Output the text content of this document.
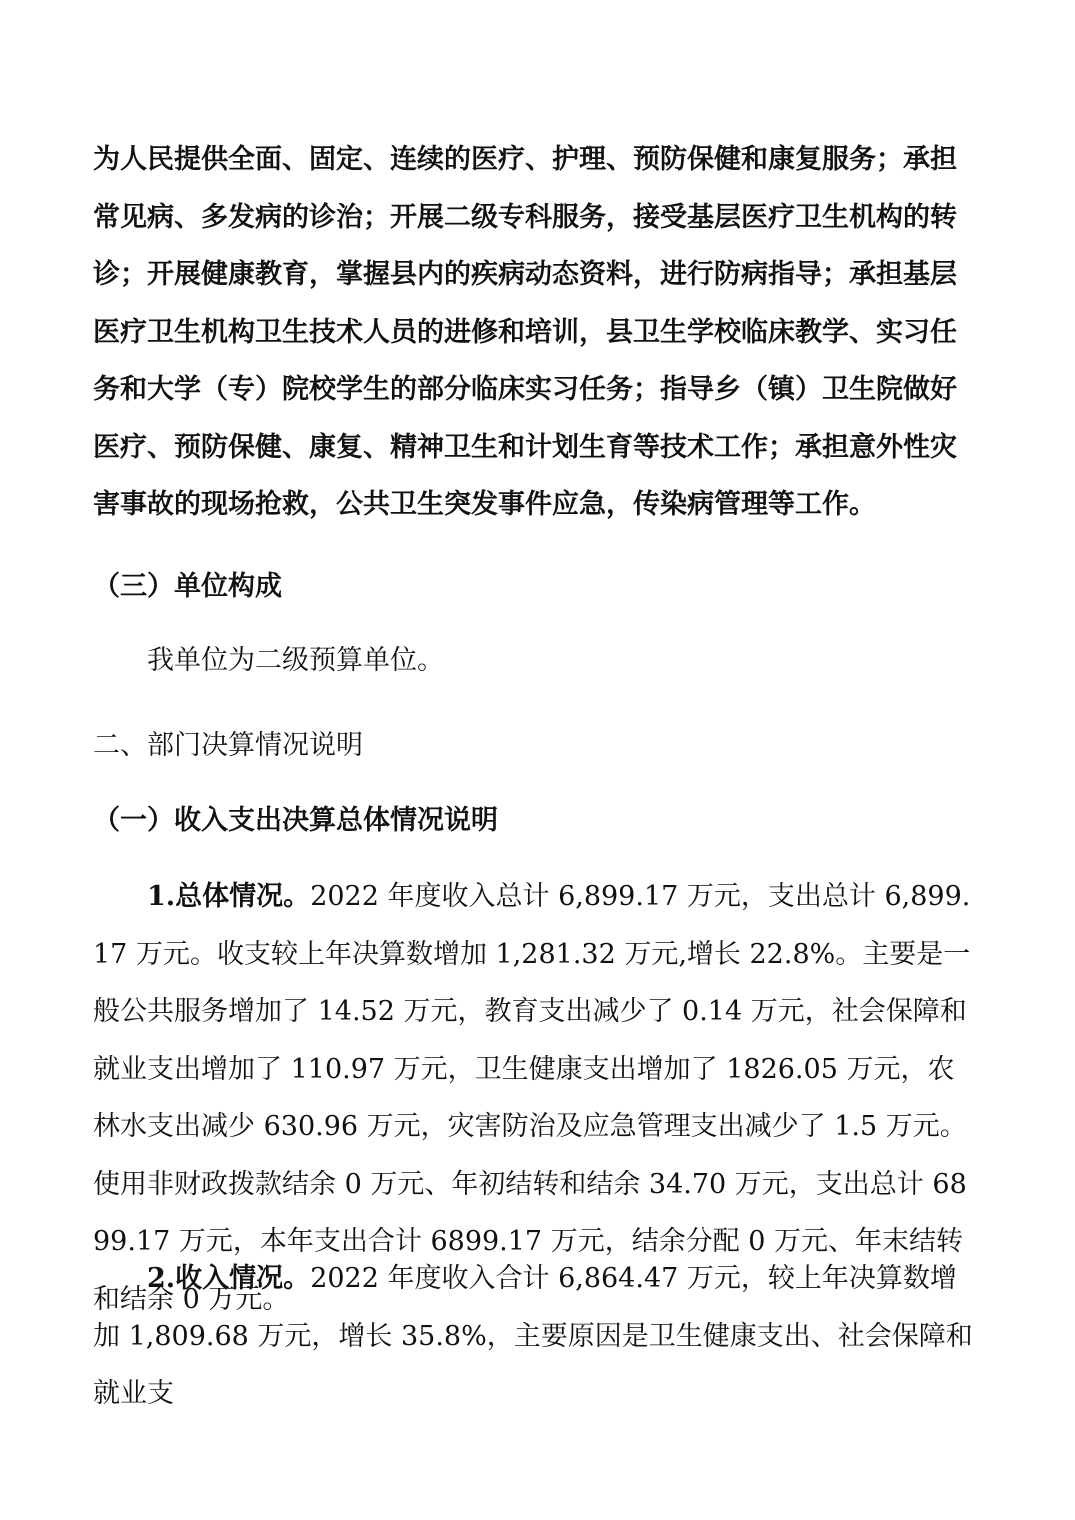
为人民提供全面、固定、连续的医疗、护理、预防保健和康复服务；承担常见病、多发病的诊治；开展二级专科服务，接受基层医疗卫生机构的转诊；开展健康教育，掌握县内的疾病动态资料，进行防病指导；承担基层医疗卫生机构卫生技术人员的进修和培训，县卫生学校临床教学、实习任务和大学（专）院校学生的部分临床实习任务；指导乡（镇）卫生院做好医疗、预防保健、康复、精神卫生和计划生育等技术工作；承担意外性灾害事故的现场抢救，公共卫生突发事件应急，传染病管理等工作。

（三）单位构成

我单位为二级预算单位。

二、部门决算情况说明
（一）收入支出决算总体情况说明

1.总体情况。2022 年度收入总计 6,899.17 万元，支出总计 6,899.17 万元。收支较上年决算数增加 1,281.32 万元,增长 22.8%。主要是一般公共服务增加了 14.52 万元，教育支出减少了 0.14 万元，社会保障和就业支出增加了 110.97 万元，卫生健康支出增加了 1826.05 万元，农林水支出减少 630.96 万元，灾害防治及应急管理支出减少了 1.5 万元。使用非财政拨款结余 0 万元、年初结转和结余 34.70 万元，支出总计 6899.17 万元，本年支出合计 6899.17 万元，结余分配 0 万元、年末结转和结余 0 万元。

2.收入情况。2022 年度收入合计 6,864.47 万元，较上年决算数增加 1,809.68 万元，增长 35.8%，主要原因是卫生健康支出、社会保障和就业支
